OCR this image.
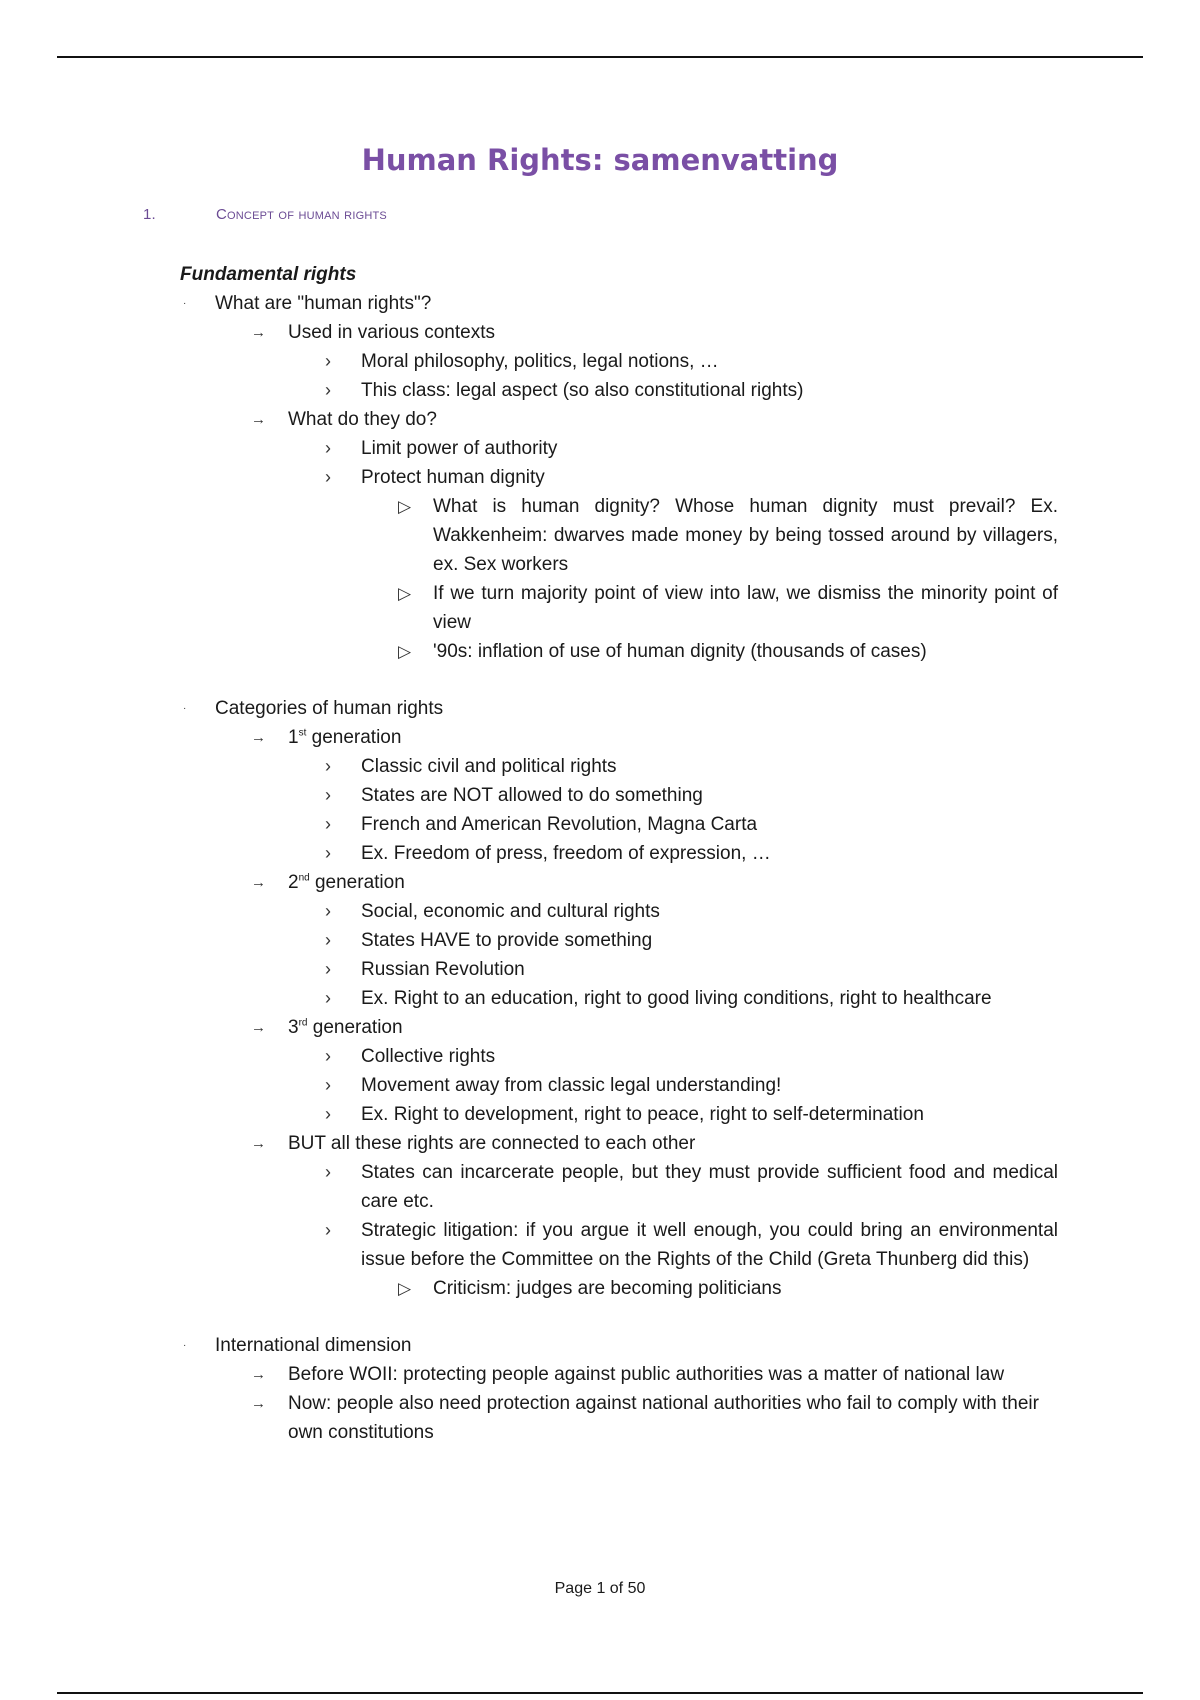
Human Rights: samenvatting
1.	Concept of human rights

Fundamental rights

· What are "human rights"?

→ Used in various contexts

› Moral philosophy, politics, legal notions, …

› This class: legal aspect (so also constitutional rights)

→ What do they do?

› Limit power of authority

› Protect human dignity

▷ What is human dignity? Whose human dignity must prevail? Ex. Wakkenheim: dwarves made money by being tossed around by villagers, ex. Sex workers

▷ If we turn majority point of view into law, we dismiss the minority point of view

▷ '90s: inflation of use of human dignity (thousands of cases)

· Categories of human rights

→ 1st generation

› Classic civil and political rights

› States are NOT allowed to do something

› French and American Revolution, Magna Carta

› Ex. Freedom of press, freedom of expression, …

→ 2nd generation

› Social, economic and cultural rights

› States HAVE to provide something

› Russian Revolution

› Ex. Right to an education, right to good living conditions, right to healthcare

→ 3rd generation

› Collective rights

› Movement away from classic legal understanding!

› Ex. Right to development, right to peace, right to self-determination

→ BUT all these rights are connected to each other

› States can incarcerate people, but they must provide sufficient food and medical care etc.

› Strategic litigation: if you argue it well enough, you could bring an environmental issue before the Committee on the Rights of the Child (Greta Thunberg did this)

▷ Criticism: judges are becoming politicians

· International dimension

→ Before WOII: protecting people against public authorities was a matter of national law

→ Now: people also need protection against national authorities who fail to comply with their own constitutions

Page 1 of 50
